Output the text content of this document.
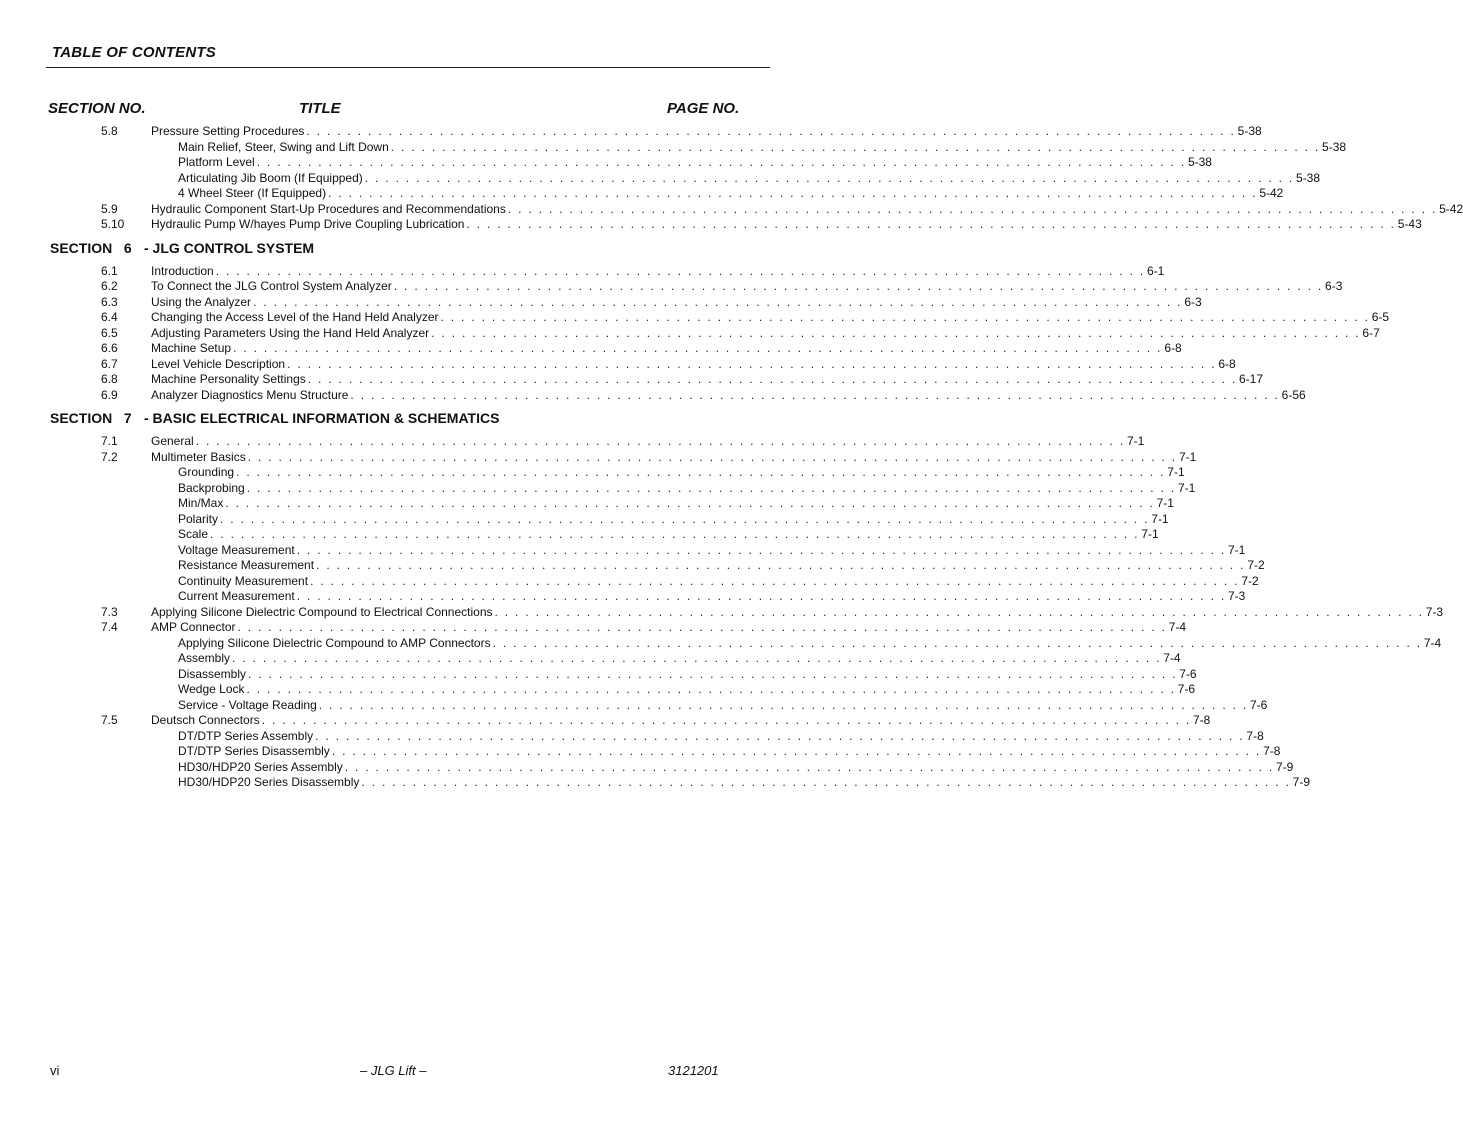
TABLE OF CONTENTS
SECTION NO.	TITLE	PAGE NO.
5.8	Pressure Setting Procedures . . . . . . . . . . . . . . . . . . . . . . . . . . . . . . . . . . . . . . . . . . . . . . . . . . . . . . . . . . . . . . . . . . . . . . . . . . . . . . . . . . . . . . . . . . . 5-38
Main Relief, Steer, Swing and Lift Down . . . . . . . . . . . . . . . . . . . . . . . . . . . . . . . . . . . . . . . . . . . . . . . . . . . . . . . . . . . . . . . . . . . . . . . . . . . . . . . . . . . . . . . . . . . 5-38
Platform Level . . . . . . . . . . . . . . . . . . . . . . . . . . . . . . . . . . . . . . . . . . . . . . . . . . . . . . . . . . . . . . . . . . . . . . . . . . . . . . . . . . . . . . . . . . . 5-38
Articulating Jib Boom (If Equipped) . . . . . . . . . . . . . . . . . . . . . . . . . . . . . . . . . . . . . . . . . . . . . . . . . . . . . . . . . . . . . . . . . . . . . . . . . . . . . . . . . . . . . . . . . . . 5-38
4 Wheel Steer (If Equipped) . . . . . . . . . . . . . . . . . . . . . . . . . . . . . . . . . . . . . . . . . . . . . . . . . . . . . . . . . . . . . . . . . . . . . . . . . . . . . . . . . . . . . . . . . . . 5-42
5.9	Hydraulic Component Start-Up Procedures and Recommendations . . . . . . . . . . . . . . . . . . . . . . . . . . . . . . . . . . . . . . . . . . . . . . . . . . . . . . . . . . . . . . . . . . . . . . . . . . . . . . . . . . . . . . . . . . . 5-42
5.10 Hydraulic Pump W/hayes Pump Drive Coupling Lubrication . . . . . . . . . . . . . . . . . . . . . . . . . . . . . . . . . . . . . . . . . . . . . . . . . . . . . . . . . . . . . . . . . . . . . . . . . . . . . . . . . . . . . . . . . . . 5-43
SECTION   6 - JLG CONTROL SYSTEM
6.1	Introduction . . . . . . . . . . . . . . . . . . . . . . . . . . . . . . . . . . . . . . . . . . . . . . . . . . . . . . . . . . . . . . . . . . . . . . . . . . . . . . . . . . . . . . . . . . . 6-1
6.2	To Connect the JLG Control System Analyzer . . . . . . . . . . . . . . . . . . . . . . . . . . . . . . . . . . . . . . . . . . . . . . . . . . . . . . . . . . . . . . . . . . . . . . . . . . . . . . . . . . . . . . . . . . . 6-3
6.3	Using the Analyzer . . . . . . . . . . . . . . . . . . . . . . . . . . . . . . . . . . . . . . . . . . . . . . . . . . . . . . . . . . . . . . . . . . . . . . . . . . . . . . . . . . . . . . . . . . . 6-3
6.4	Changing the Access Level of the Hand Held Analyzer . . . . . . . . . . . . . . . . . . . . . . . . . . . . . . . . . . . . . . . . . . . . . . . . . . . . . . . . . . . . . . . . . . . . . . . . . . . . . . . . . . . . . . . . . . . 6-5
6.5	Adjusting Parameters Using the Hand Held Analyzer . . . . . . . . . . . . . . . . . . . . . . . . . . . . . . . . . . . . . . . . . . . . . . . . . . . . . . . . . . . . . . . . . . . . . . . . . . . . . . . . . . . . . . . . . . . 6-7
6.6	Machine Setup . . . . . . . . . . . . . . . . . . . . . . . . . . . . . . . . . . . . . . . . . . . . . . . . . . . . . . . . . . . . . . . . . . . . . . . . . . . . . . . . . . . . . . . . . . . 6-8
6.7	Level Vehicle Description . . . . . . . . . . . . . . . . . . . . . . . . . . . . . . . . . . . . . . . . . . . . . . . . . . . . . . . . . . . . . . . . . . . . . . . . . . . . . . . . . . . . . . . . . . . 6-8
6.8	Machine Personality Settings . . . . . . . . . . . . . . . . . . . . . . . . . . . . . . . . . . . . . . . . . . . . . . . . . . . . . . . . . . . . . . . . . . . . . . . . . . . . . . . . . . . . . . . . . . . 6-17
6.9	Analyzer Diagnostics Menu Structure . . . . . . . . . . . . . . . . . . . . . . . . . . . . . . . . . . . . . . . . . . . . . . . . . . . . . . . . . . . . . . . . . . . . . . . . . . . . . . . . . . . . . . . . . . . 6-56
SECTION   7 - BASIC ELECTRICAL INFORMATION & SCHEMATICS
7.1	General . . . . . . . . . . . . . . . . . . . . . . . . . . . . . . . . . . . . . . . . . . . . . . . . . . . . . . . . . . . . . . . . . . . . . . . . . . . . . . . . . . . . . . . . . . . 7-1
7.2	Multimeter Basics . . . . . . . . . . . . . . . . . . . . . . . . . . . . . . . . . . . . . . . . . . . . . . . . . . . . . . . . . . . . . . . . . . . . . . . . . . . . . . . . . . . . . . . . . . . 7-1
Grounding . . . . . . . . . . . . . . . . . . . . . . . . . . . . . . . . . . . . . . . . . . . . . . . . . . . . . . . . . . . . . . . . . . . . . . . . . . . . . . . . . . . . . . . . . . . 7-1
Backprobing . . . . . . . . . . . . . . . . . . . . . . . . . . . . . . . . . . . . . . . . . . . . . . . . . . . . . . . . . . . . . . . . . . . . . . . . . . . . . . . . . . . . . . . . . . . 7-1
Min/Max . . . . . . . . . . . . . . . . . . . . . . . . . . . . . . . . . . . . . . . . . . . . . . . . . . . . . . . . . . . . . . . . . . . . . . . . . . . . . . . . . . . . . . . . . . . 7-1
Polarity . . . . . . . . . . . . . . . . . . . . . . . . . . . . . . . . . . . . . . . . . . . . . . . . . . . . . . . . . . . . . . . . . . . . . . . . . . . . . . . . . . . . . . . . . . . 7-1
Scale . . . . . . . . . . . . . . . . . . . . . . . . . . . . . . . . . . . . . . . . . . . . . . . . . . . . . . . . . . . . . . . . . . . . . . . . . . . . . . . . . . . . . . . . . . . 7-1
Voltage Measurement . . . . . . . . . . . . . . . . . . . . . . . . . . . . . . . . . . . . . . . . . . . . . . . . . . . . . . . . . . . . . . . . . . . . . . . . . . . . . . . . . . . . . . . . . . . 7-1
Resistance Measurement . . . . . . . . . . . . . . . . . . . . . . . . . . . . . . . . . . . . . . . . . . . . . . . . . . . . . . . . . . . . . . . . . . . . . . . . . . . . . . . . . . . . . . . . . . . 7-2
Continuity Measurement . . . . . . . . . . . . . . . . . . . . . . . . . . . . . . . . . . . . . . . . . . . . . . . . . . . . . . . . . . . . . . . . . . . . . . . . . . . . . . . . . . . . . . . . . . . 7-2
Current Measurement . . . . . . . . . . . . . . . . . . . . . . . . . . . . . . . . . . . . . . . . . . . . . . . . . . . . . . . . . . . . . . . . . . . . . . . . . . . . . . . . . . . . . . . . . . . 7-3
7.3	Applying Silicone Dielectric Compound to Electrical Connections . . . . . . . . . . . . . . . . . . . . . . . . . . . . . . . . . . . . . . . . . . . . . . . . . . . . . . . . . . . . . . . . . . . . . . . . . . . . . . . . . . . . . . . . . . . 7-3
7.4	AMP Connector . . . . . . . . . . . . . . . . . . . . . . . . . . . . . . . . . . . . . . . . . . . . . . . . . . . . . . . . . . . . . . . . . . . . . . . . . . . . . . . . . . . . . . . . . . . 7-4
Applying Silicone Dielectric Compound to AMP Connectors . . . . . . . . . . . . . . . . . . . . . . . . . . . . . . . . . . . . . . . . . . . . . . . . . . . . . . . . . . . . . . . . . . . . . . . . . . . . . . . . . . . . . . . . . . . 7-4
Assembly . . . . . . . . . . . . . . . . . . . . . . . . . . . . . . . . . . . . . . . . . . . . . . . . . . . . . . . . . . . . . . . . . . . . . . . . . . . . . . . . . . . . . . . . . . . 7-4
Disassembly . . . . . . . . . . . . . . . . . . . . . . . . . . . . . . . . . . . . . . . . . . . . . . . . . . . . . . . . . . . . . . . . . . . . . . . . . . . . . . . . . . . . . . . . . . . 7-6
Wedge Lock . . . . . . . . . . . . . . . . . . . . . . . . . . . . . . . . . . . . . . . . . . . . . . . . . . . . . . . . . . . . . . . . . . . . . . . . . . . . . . . . . . . . . . . . . . . 7-6
Service - Voltage Reading . . . . . . . . . . . . . . . . . . . . . . . . . . . . . . . . . . . . . . . . . . . . . . . . . . . . . . . . . . . . . . . . . . . . . . . . . . . . . . . . . . . . . . . . . . . 7-6
7.5	Deutsch Connectors . . . . . . . . . . . . . . . . . . . . . . . . . . . . . . . . . . . . . . . . . . . . . . . . . . . . . . . . . . . . . . . . . . . . . . . . . . . . . . . . . . . . . . . . . . . 7-8
DT/DTP Series Assembly . . . . . . . . . . . . . . . . . . . . . . . . . . . . . . . . . . . . . . . . . . . . . . . . . . . . . . . . . . . . . . . . . . . . . . . . . . . . . . . . . . . . . . . . . . . 7-8
DT/DTP Series Disassembly . . . . . . . . . . . . . . . . . . . . . . . . . . . . . . . . . . . . . . . . . . . . . . . . . . . . . . . . . . . . . . . . . . . . . . . . . . . . . . . . . . . . . . . . . . . 7-8
HD30/HDP20 Series Assembly . . . . . . . . . . . . . . . . . . . . . . . . . . . . . . . . . . . . . . . . . . . . . . . . . . . . . . . . . . . . . . . . . . . . . . . . . . . . . . . . . . . . . . . . . . . 7-9
HD30/HDP20 Series Disassembly . . . . . . . . . . . . . . . . . . . . . . . . . . . . . . . . . . . . . . . . . . . . . . . . . . . . . . . . . . . . . . . . . . . . . . . . . . . . . . . . . . . . . . . . . . . 7-9
vi	– JLG Lift –	3121201
